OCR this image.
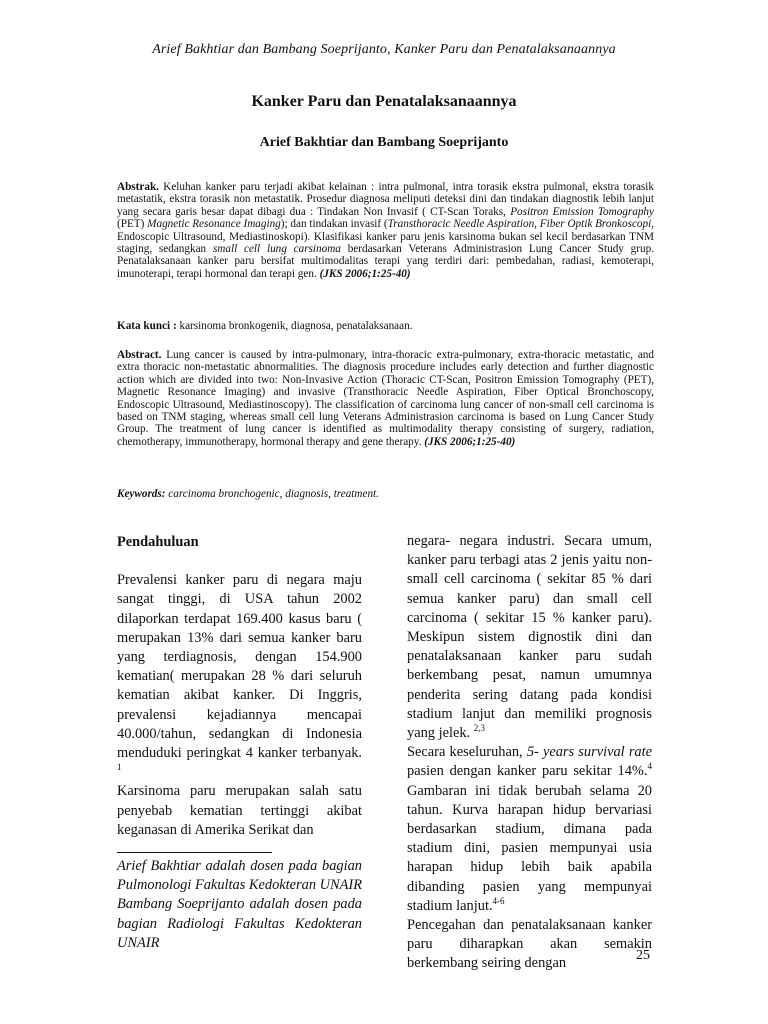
Arief Bakhtiar dan Bambang Soeprijanto, Kanker Paru dan Penatalaksanaannya
Kanker Paru dan Penatalaksanaannya
Arief Bakhtiar dan Bambang Soeprijanto
Abstrak. Keluhan kanker paru terjadi akibat kelainan : intra pulmonal, intra torasik ekstra pulmonal, ekstra torasik metastatik, ekstra torasik non metastatik. Prosedur diagnosa meliputi deteksi dini dan tindakan diagnostik lebih lanjut yang secara garis besar dapat dibagi dua : Tindakan Non Invasif ( CT-Scan Toraks, Positron Emission Tomography (PET) Magnetic Resonance Imaging); dan tindakan invasif (Transthoracic Needle Aspiration, Fiber Optik Bronkoscopi, Endoscopic Ultrasound, Mediastinoskopi). Klasifikasi kanker paru jenis karsinoma bukan sel kecil berdasarkan TNM staging, sedangkan small cell lung carsinoma berdasarkan Veterans Administrasion Lung Cancer Study grup. Penatalaksanaan kanker paru bersifat multimodalitas terapi yang terdiri dari: pembedahan, radiasi, kemoterapi, imunoterapi, terapi hormonal dan terapi gen. (JKS 2006;1:25-40)
Kata kunci : karsinoma bronkogenik, diagnosa, penatalaksanaan.
Abstract. Lung cancer is caused by intra-pulmonary, intra-thoracic extra-pulmonary, extra-thoracic metastatic, and extra thoracic non-metastatic abnormalities. The diagnosis procedure includes early detection and further diagnostic action which are divided into two: Non-Invasive Action (Thoracic CT-Scan, Positron Emission Tomography (PET), Magnetic Resonance Imaging) and invasive (Transthoracic Needle Aspiration, Fiber Optical Bronchoscopy, Endoscopic Ultrasound, Mediastinoscopy). The classification of carcinoma lung cancer of non-small cell carcinoma is based on TNM staging, whereas small cell lung Veterans Administrasion carcinoma is based on Lung Cancer Study Group. The treatment of lung cancer is identified as multimodality therapy consisting of surgery, radiation, chemotherapy, immunotherapy, hormonal therapy and gene therapy. (JKS 2006;1:25-40)
Keywords: carcinoma bronchogenic, diagnosis, treatment.

Pendahuluan

Prevalensi kanker paru di negara maju sangat tinggi, di USA tahun 2002 dilaporkan terdapat 169.400 kasus baru ( merupakan 13% dari semua kanker baru yang terdiagnosis, dengan 154.900 kematian( merupakan 28 % dari seluruh kematian akibat kanker. Di Inggris, prevalensi kejadiannya mencapai 40.000/tahun, sedangkan di Indonesia menduduki peringkat 4 kanker terbanyak. $^1$

Karsinoma paru merupakan salah satu penyebab kematian tertinggi akibat keganasan di Amerika Serikat dan

Arief Bakhtiar adalah dosen pada bagian Pulmonologi Fakultas Kedokteran UNAIR

Bambang Soeprijanto adalah dosen pada bagian Radiologi Fakultas Kedokteran UNAIR

negara- negara industri. Secara umum, kanker paru terbagi atas 2 jenis yaitu non-small cell carcinoma ( sekitar 85 % dari semua kanker paru) dan small cell carcinoma ( sekitar 15 % kanker paru). Meskipun sistem dignostik dini dan penatalaksanaan kanker paru sudah berkembang pesat, namun umumnya penderita sering datang pada kondisi stadium lanjut dan memiliki prognosis yang jelek. $^{2,3}$

Secara keseluruhan, 5- years survival rate pasien dengan kanker paru sekitar 14%.$^4$ Gambaran ini tidak berubah selama 20 tahun. Kurva harapan hidup bervariasi berdasarkan stadium, dimana pada stadium dini, pasien mempunyai usia harapan hidup lebih baik apabila dibanding pasien yang mempunyai stadium lanjut.$^{4-6}$

Pencegahan dan penatalaksanaan kanker paru diharapkan akan semakin berkembang seiring dengan	25
